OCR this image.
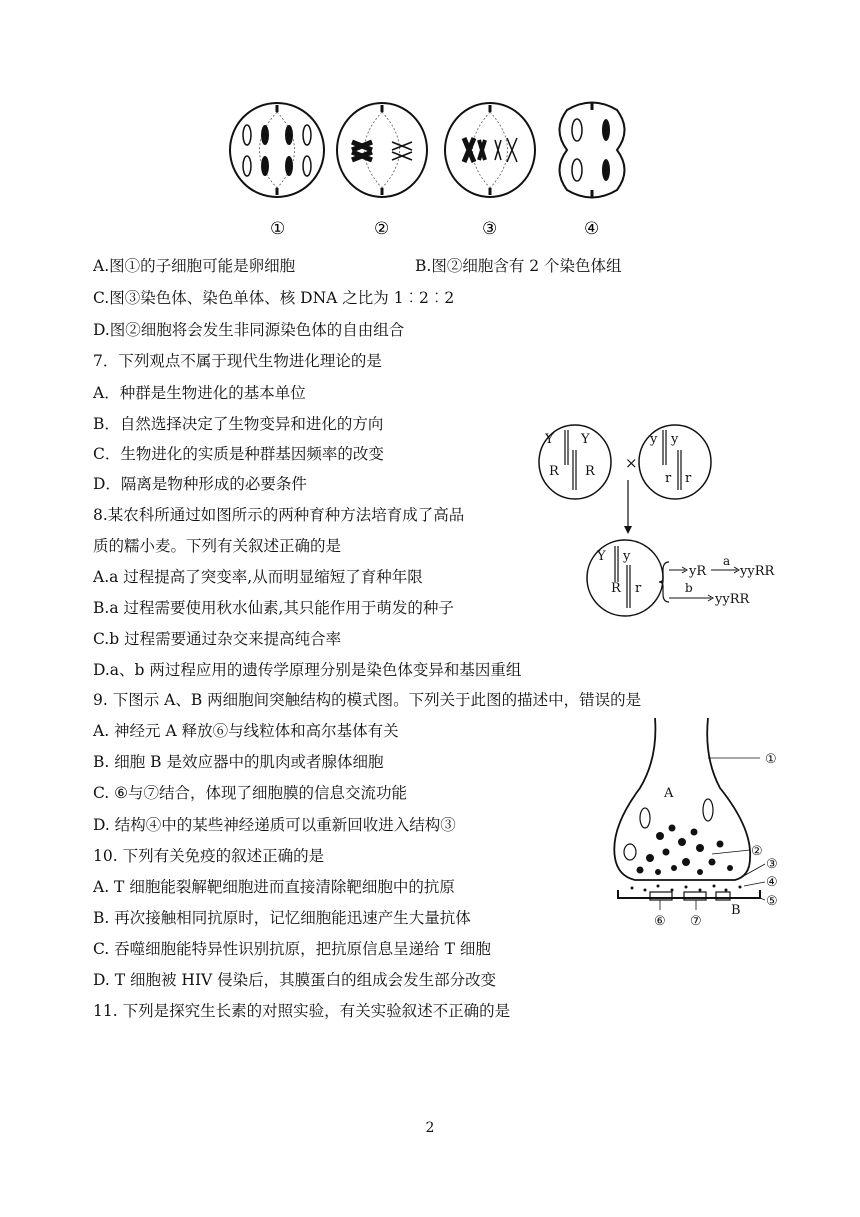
①	②	③	④
A.图①的子细胞可能是卵细胞	B.图②细胞含有 2 个染色体组
C.图③染色体、染色单体、核 DNA 之比为 1︰2︰2
D.图②细胞将会发生非同源染色体的自由组合
7．下列观点不属于现代生物进化理论的是
A．种群是生物进化的基本单位
B．自然选择决定了生物变异和进化的方向
C．生物进化的实质是种群基因频率的改变
D．隔离是物种形成的必要条件
8.某农科所通过如图所示的两种育种方法培育成了高品
质的糯小麦。下列有关叙述正确的是
A.a 过程提高了突变率,从而明显缩短了育种年限
B.a 过程需要使用秋水仙素,其只能作用于萌发的种子
C.b 过程需要通过杂交来提高纯合率
D.a、b 两过程应用的遗传学原理分别是染色体变异和基因重组
Y Y
R R ×
y y
r r
Y y
R r
yR
a
yyRR
b
yyRR
9. 下图示 A、B 两细胞间突触结构的模式图。下列关于此图的描述中，错误的是
A. 神经元 A 释放⑥与线粒体和高尔基体有关
B. 细胞 B 是效应器中的肌肉或者腺体细胞
C. ⑥与⑦结合，体现了细胞膜的信息交流功能
D. 结构④中的某些神经递质可以重新回收进入结构③
①
A
②
③
④
⑤
⑥ ⑦
B
10. 下列有关免疫的叙述正确的是
A. T 细胞能裂解靶细胞进而直接清除靶细胞中的抗原
B. 再次接触相同抗原时，记忆细胞能迅速产生大量抗体
C. 吞噬细胞能特异性识别抗原，把抗原信息呈递给 T 细胞
D. T 细胞被 HIV 侵染后，其膜蛋白的组成会发生部分改变
11. 下列是探究生长素的对照实验，有关实验叙述不正确的是
2
